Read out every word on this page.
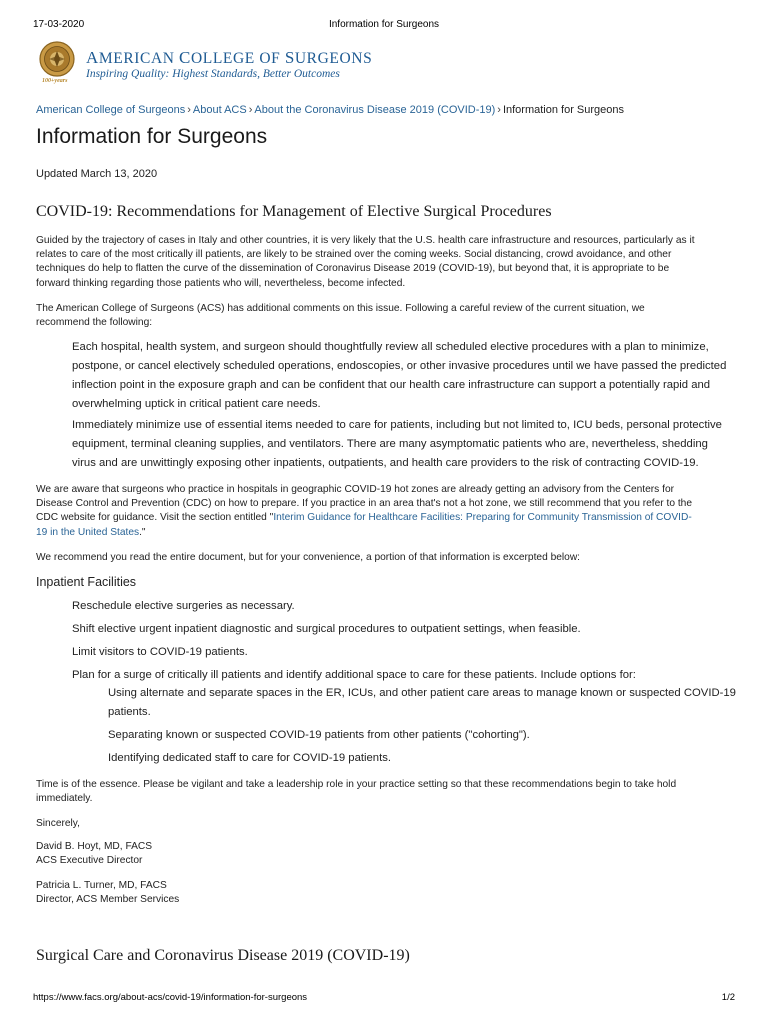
17-03-2020	Information for Surgeons
100+years
AMERICAN COLLEGE OF SURGEONS
Inspiring Quality: Highest Standards, Better Outcomes
American College of Surgeons › About ACS › About the Coronavirus Disease 2019 (COVID-19) › Information for Surgeons
Information for Surgeons
Updated March 13, 2020
COVID-19: Recommendations for Management of Elective Surgical Procedures
Guided by the trajectory of cases in Italy and other countries, it is very likely that the U.S. health care infrastructure and resources, particularly as it
relates to care of the most critically ill patients, are likely to be strained over the coming weeks. Social distancing, crowd avoidance, and other
techniques do help to flatten the curve of the dissemination of Coronavirus Disease 2019 (COVID-19), but beyond that, it is appropriate to be
forward thinking regarding those patients who will, nevertheless, become infected.
The American College of Surgeons (ACS) has additional comments on this issue. Following a careful review of the current situation, we
recommend the following:
Each hospital, health system, and surgeon should thoughtfully review all scheduled elective procedures with a plan to minimize,
postpone, or cancel electively scheduled operations, endoscopies, or other invasive procedures until we have passed the predicted
inflection point in the exposure graph and can be confident that our health care infrastructure can support a potentially rapid and
overwhelming uptick in critical patient care needs.
Immediately minimize use of essential items needed to care for patients, including but not limited to, ICU beds, personal protective
equipment, terminal cleaning supplies, and ventilators. There are many asymptomatic patients who are, nevertheless, shedding
virus and are unwittingly exposing other inpatients, outpatients, and health care providers to the risk of contracting COVID-19.
We are aware that surgeons who practice in hospitals in geographic COVID-19 hot zones are already getting an advisory from the Centers for
Disease Control and Prevention (CDC) on how to prepare. If you practice in an area that's not a hot zone, we still recommend that you refer to the
CDC website for guidance. Visit the section entitled "Interim Guidance for Healthcare Facilities: Preparing for Community Transmission of COVID-
19 in the United States."
We recommend you read the entire document, but for your convenience, a portion of that information is excerpted below:
Inpatient Facilities
Reschedule elective surgeries as necessary.
Shift elective urgent inpatient diagnostic and surgical procedures to outpatient settings, when feasible.
Limit visitors to COVID-19 patients.
Plan for a surge of critically ill patients and identify additional space to care for these patients. Include options for:
Using alternate and separate spaces in the ER, ICUs, and other patient care areas to manage known or suspected COVID-19
patients.
Separating known or suspected COVID-19 patients from other patients ("cohorting").
Identifying dedicated staff to care for COVID-19 patients.
Time is of the essence. Please be vigilant and take a leadership role in your practice setting so that these recommendations begin to take hold
immediately.
Sincerely,
David B. Hoyt, MD, FACS
ACS Executive Director
Patricia L. Turner, MD, FACS
Director, ACS Member Services
Surgical Care and Coronavirus Disease 2019 (COVID-19)
https://www.facs.org/about-acs/covid-19/information-for-surgeons	1/2
